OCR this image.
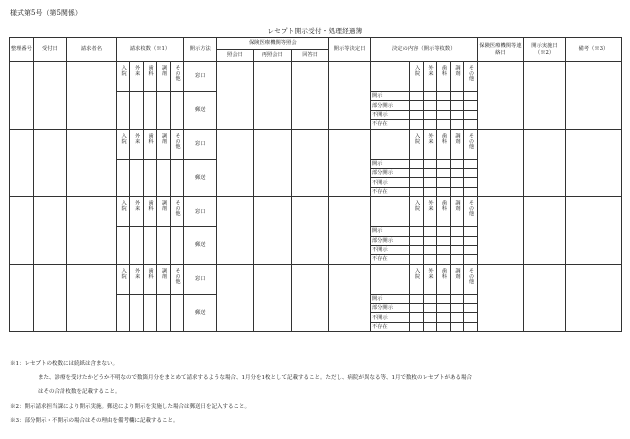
様式第5号（第5関係）
レセプト開示受付・処理経過簿
整理番号	受付日	請求者名	請求枚数（※1）					開示方法	保険医療機関等照会			開示等決定日	決定の内容（開示等枚数）						保険医療機関等連絡日	開示実施日（※2）	備考（※3）
									照会日	再照会日	回答日										
			入院	外来	歯科	調剤	その他	窓口						入院	外来	歯科	調剤	その他			
								郵送					開示								
													部分開示								
													不開示								
													不存在								
			入院	外来	歯科	調剤	その他	窓口						入院	外来	歯科	調剤	その他			
								郵送					開示								
													部分開示								
													不開示								
													不存在								
			入院	外来	歯科	調剤	その他	窓口						入院	外来	歯科	調剤	その他			
								郵送					開示								
													部分開示								
													不開示								
													不存在								
			入院	外来	歯科	調剤	その他	窓口						入院	外来	歯科	調剤	その他			
								郵送					開示								
													部分開示								
													不開示								
													不存在								
※1：レセプトの枚数には続紙は含まない。
また、診療を受けたかどうか不明なので数箇月分をまとめて請求するような場合、1月分を1枚として記載すること。ただし、病院が異なる等、1月で数枚のレセプトがある場合
はその合計枚数を記載すること。
※2：開示請求担当課により開示実施。郵送により開示を実施した場合は郵送日を記入すること。
※3：部分開示・不開示の場合はその理由を備考欄に記載すること。
